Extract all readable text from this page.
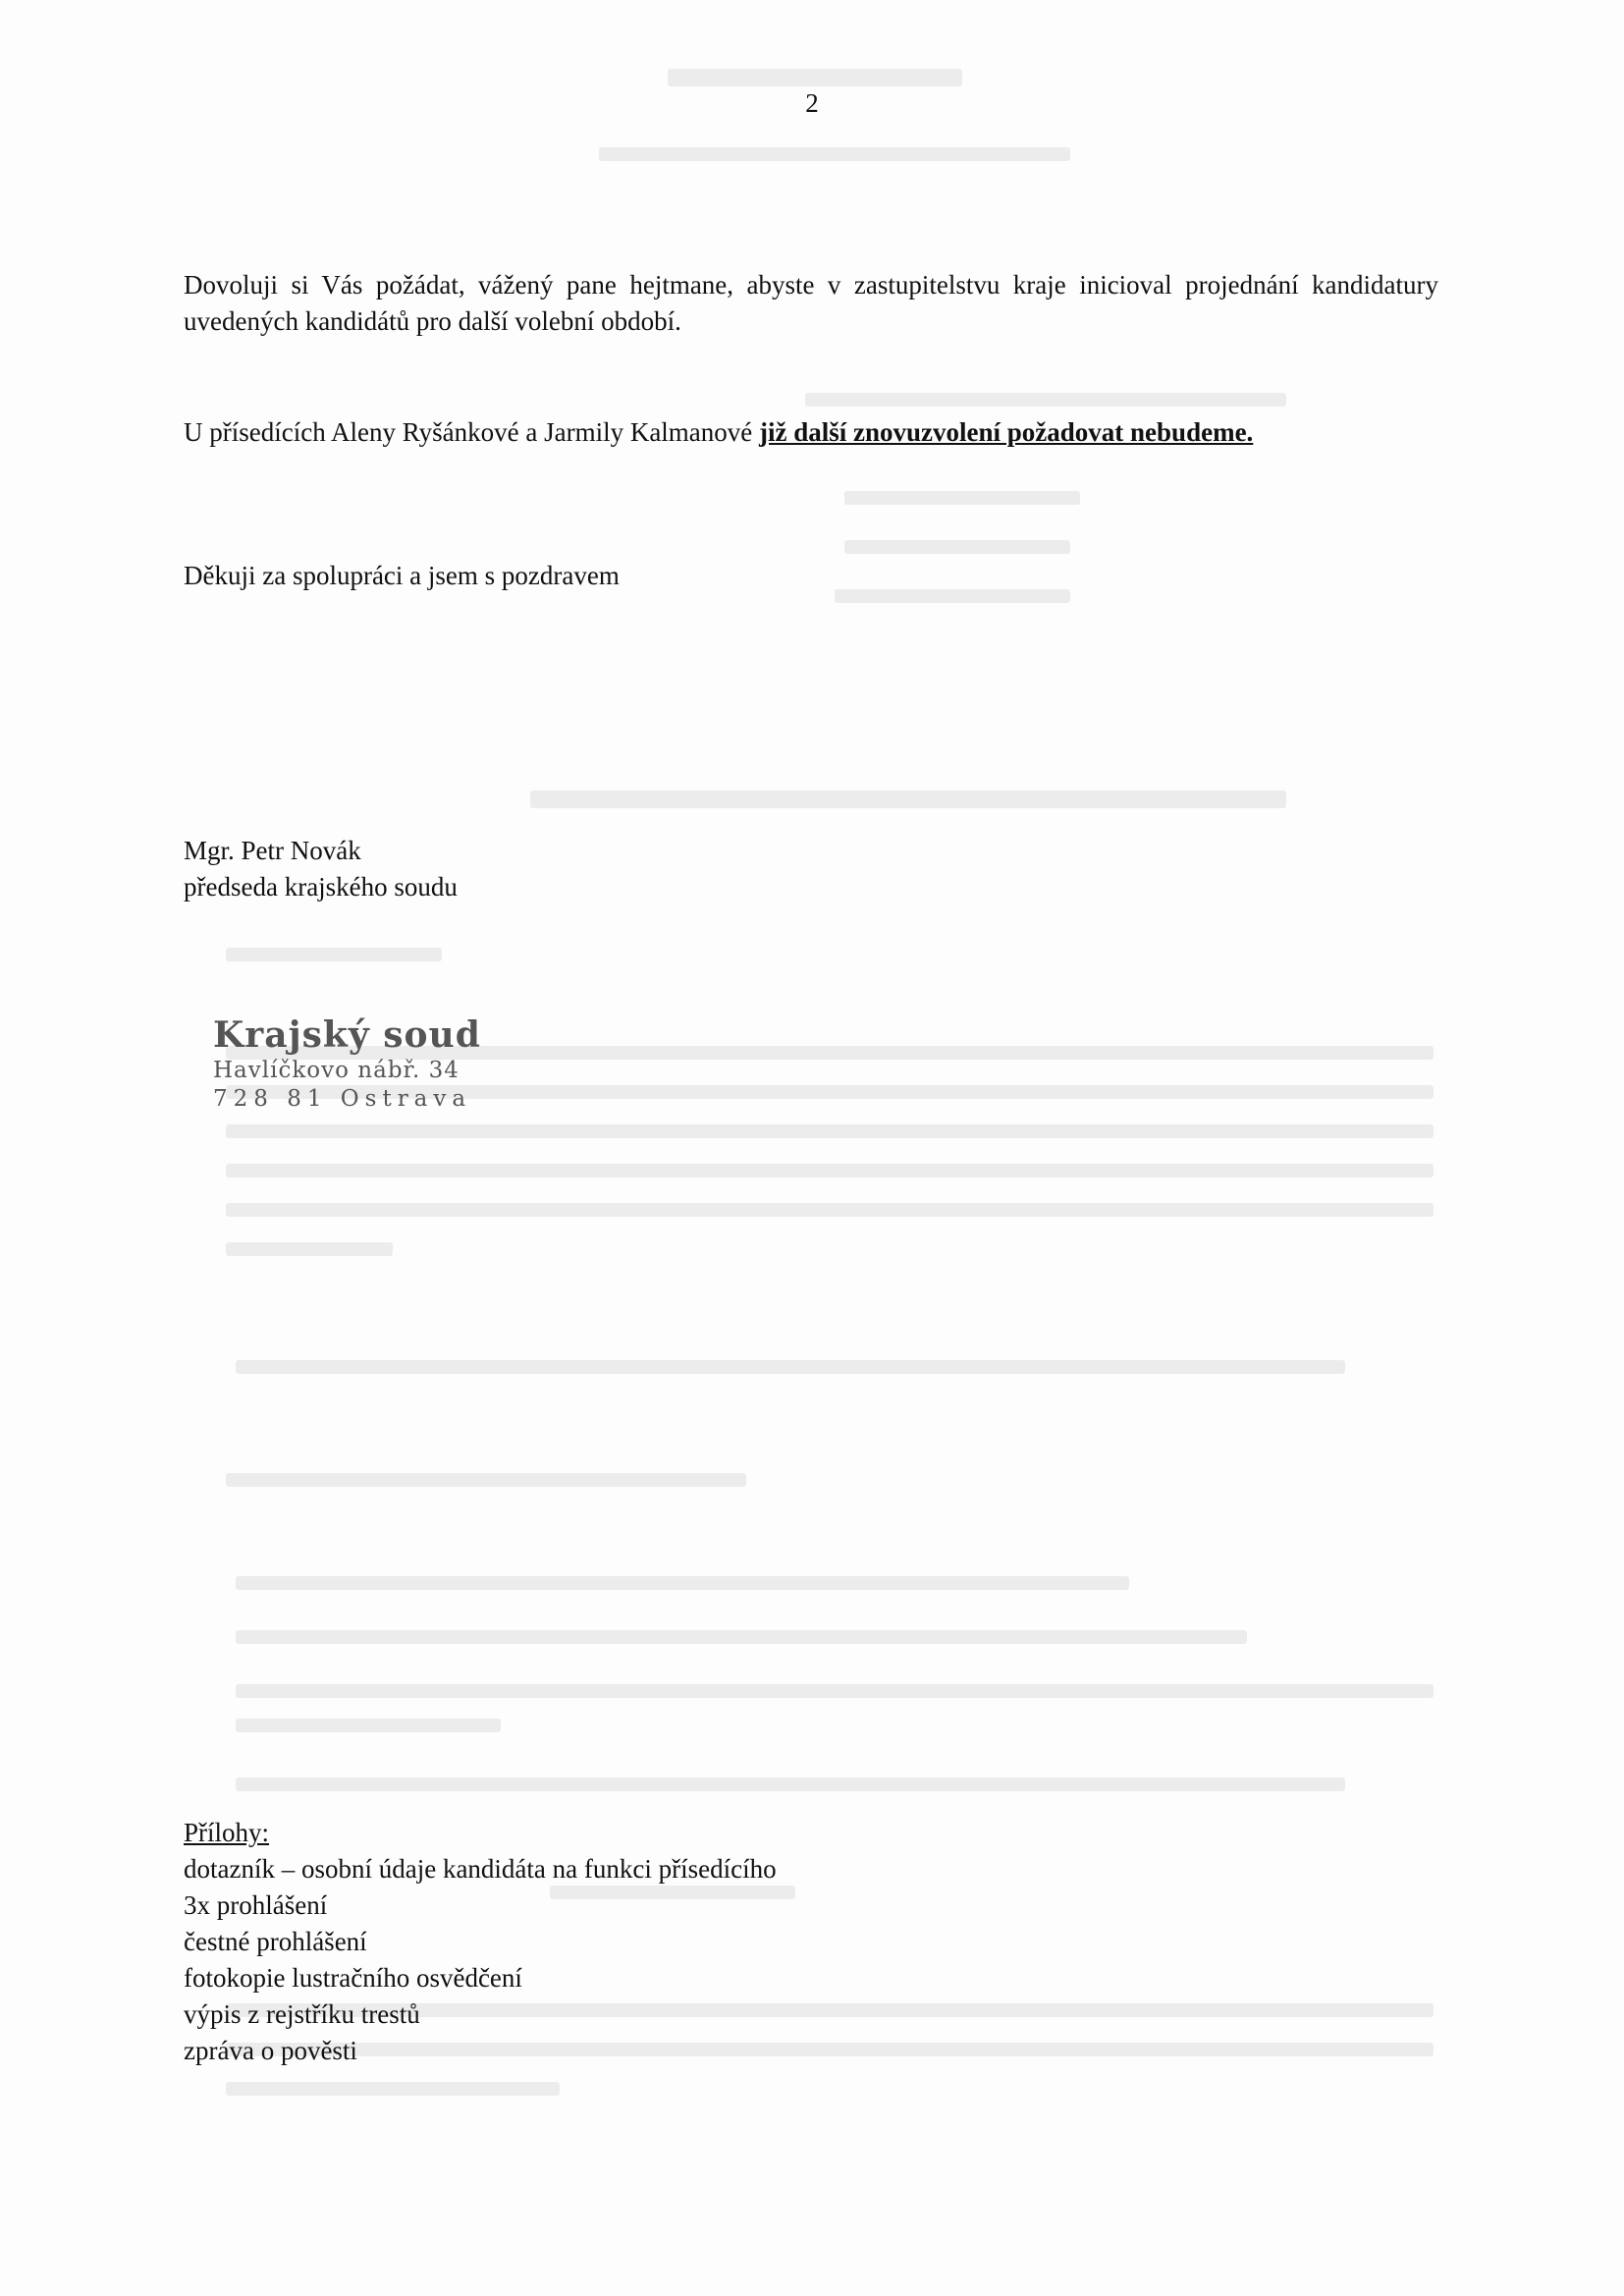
2

Dovoluji si Vás požádat, vážený pane hejtmane, abyste v zastupitelstvu kraje inicioval projednání kandidatury uvedených kandidátů pro další volební období.

U přísedících Aleny Ryšánkové a Jarmily Kalmanové již další znovuzvolení požadovat nebudeme.

Děkuji za spolupráci a jsem s pozdravem

Mgr. Petr Novák
předseda krajského soudu
Krajský soud
Havlíčkovo nábř. 34
728 81 Ostrava
Přílohy:
dotazník – osobní údaje kandidáta na funkci přísedícího
3x prohlášení
čestné prohlášení
fotokopie lustračního osvědčení
výpis z rejstříku trestů
zpráva o pověsti
